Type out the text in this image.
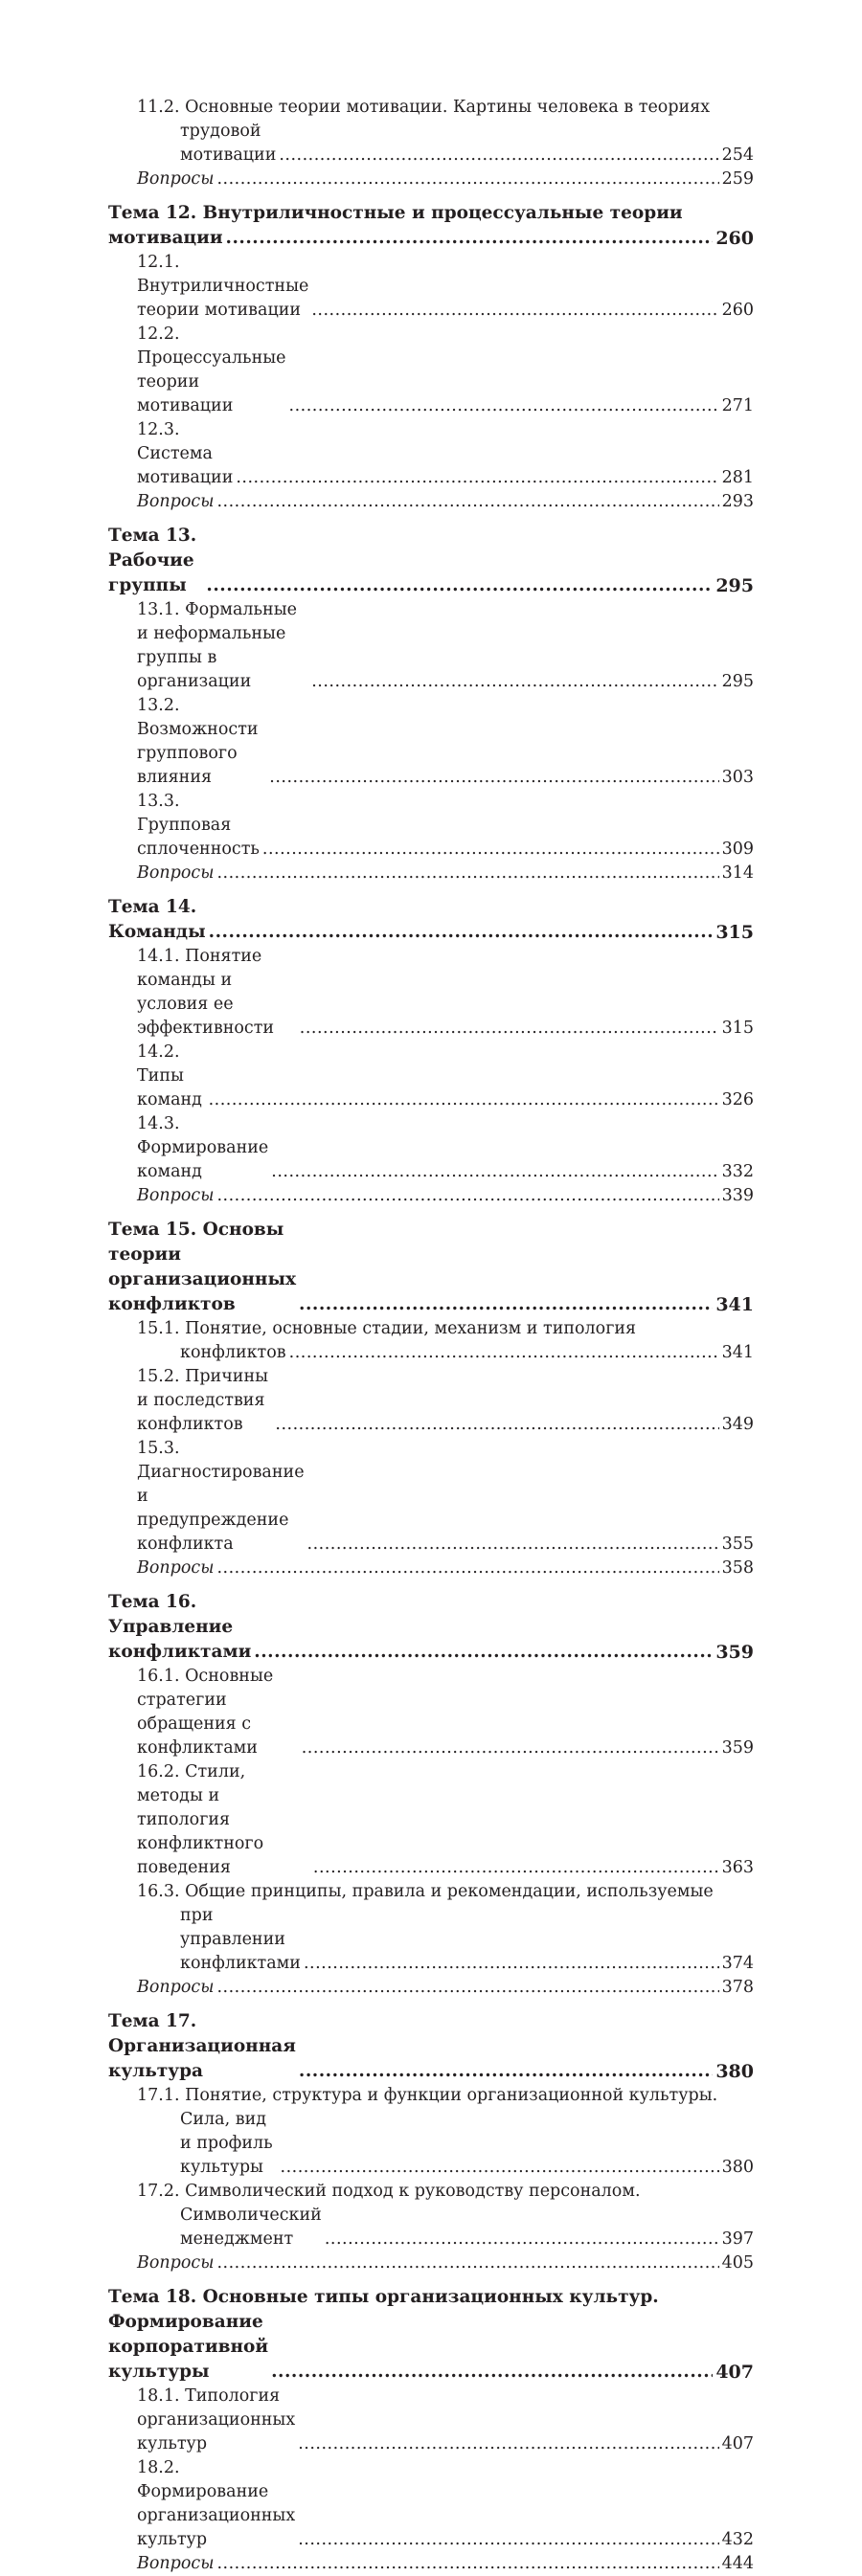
11.2. Основные теории мотивации. Картины человека в теориях
трудовой мотивации .....	254
Вопросы .....	259
Тема 12. Внутриличностные и процессуальные теории
мотивации .....	260
12.1. Внутриличностные теории мотивации .....	260
12.2. Процессуальные теории мотивации .....	271
12.3. Система мотивации .....	281
Вопросы .....	293
Тема 13. Рабочие группы .....	295
13.1. Формальные и неформальные группы в организации .....	295
13.2. Возможности группового влияния .....	303
13.3. Групповая сплоченность .....	309
Вопросы .....	314
Тема 14. Команды .....	315
14.1. Понятие команды и условия ее эффективности .....	315
14.2. Типы команд .....	326
14.3. Формирование команд .....	332
Вопросы .....	339
Тема 15. Основы теории организационных конфликтов .....	341
15.1. Понятие, основные стадии, механизм и типология
конфликтов .....	341
15.2. Причины и последствия конфликтов .....	349
15.3. Диагностирование и предупреждение конфликта .....	355
Вопросы .....	358
Тема 16. Управление конфликтами .....	359
16.1. Основные стратегии обращения с конфликтами .....	359
16.2. Стили, методы и типология конфликтного поведения .....	363
16.3. Общие принципы, правила и рекомендации, используемые
при управлении конфликтами .....	374
Вопросы .....	378
Тема 17. Организационная культура .....	380
17.1. Понятие, структура и функции организационной культуры.
Сила, вид и профиль культуры .....	380
17.2. Символический подход к руководству персоналом.
Символический менеджмент .....	397
Вопросы .....	405
Тема 18. Основные типы организационных культур.
Формирование корпоративной культуры .....	407
18.1. Типология организационных культур .....	407
18.2. Формирование организационных культур .....	432
Вопросы .....	444
